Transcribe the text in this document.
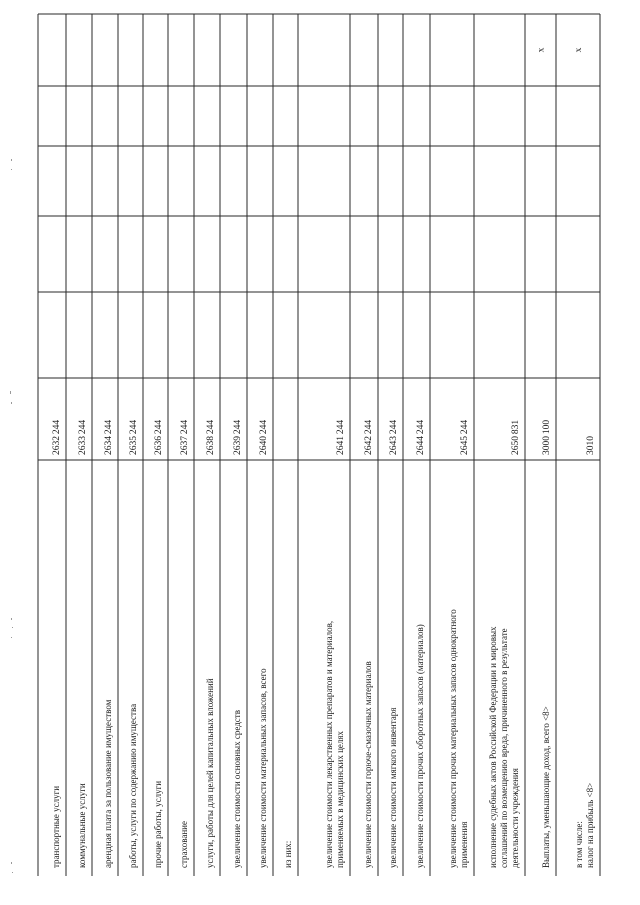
транспортные услуги
2632
244
коммунальные услуги
2633
244
арендная плата за пользование имуществом
2634
244
работы, услуги по содержанию имущества
2635
244
прочие работы, услуги
2636
244
страхование
2637
244
услуги, работы для целей капитальных вложений
2638
244
увеличение стоимости основных средств
2639
244
увеличение стоимости материальных запасов, всего
2640
244
из них:	увеличение стоимости лекарственных препаратов и материалов, применяемых в медицинских целях
2641
244
увеличение стоимости горюче-смазочных материалов
2642
244
увеличение стоимости мягкого инвентаря
2643
244
увеличение стоимости прочих оборотных запасов (материалов)
2644
244
увеличение стоимости прочих материальных запасов однократного применения
2645
244
исполнение судебных актов Российской Федерации и мировых соглашений по возмещению вреда, причиненного в результате деятельности учреждения
2650
831
Выплаты, уменьшающие доход, всего <8>
3000
100
x
в том числе: налог на прибыль <8>
3010
x
